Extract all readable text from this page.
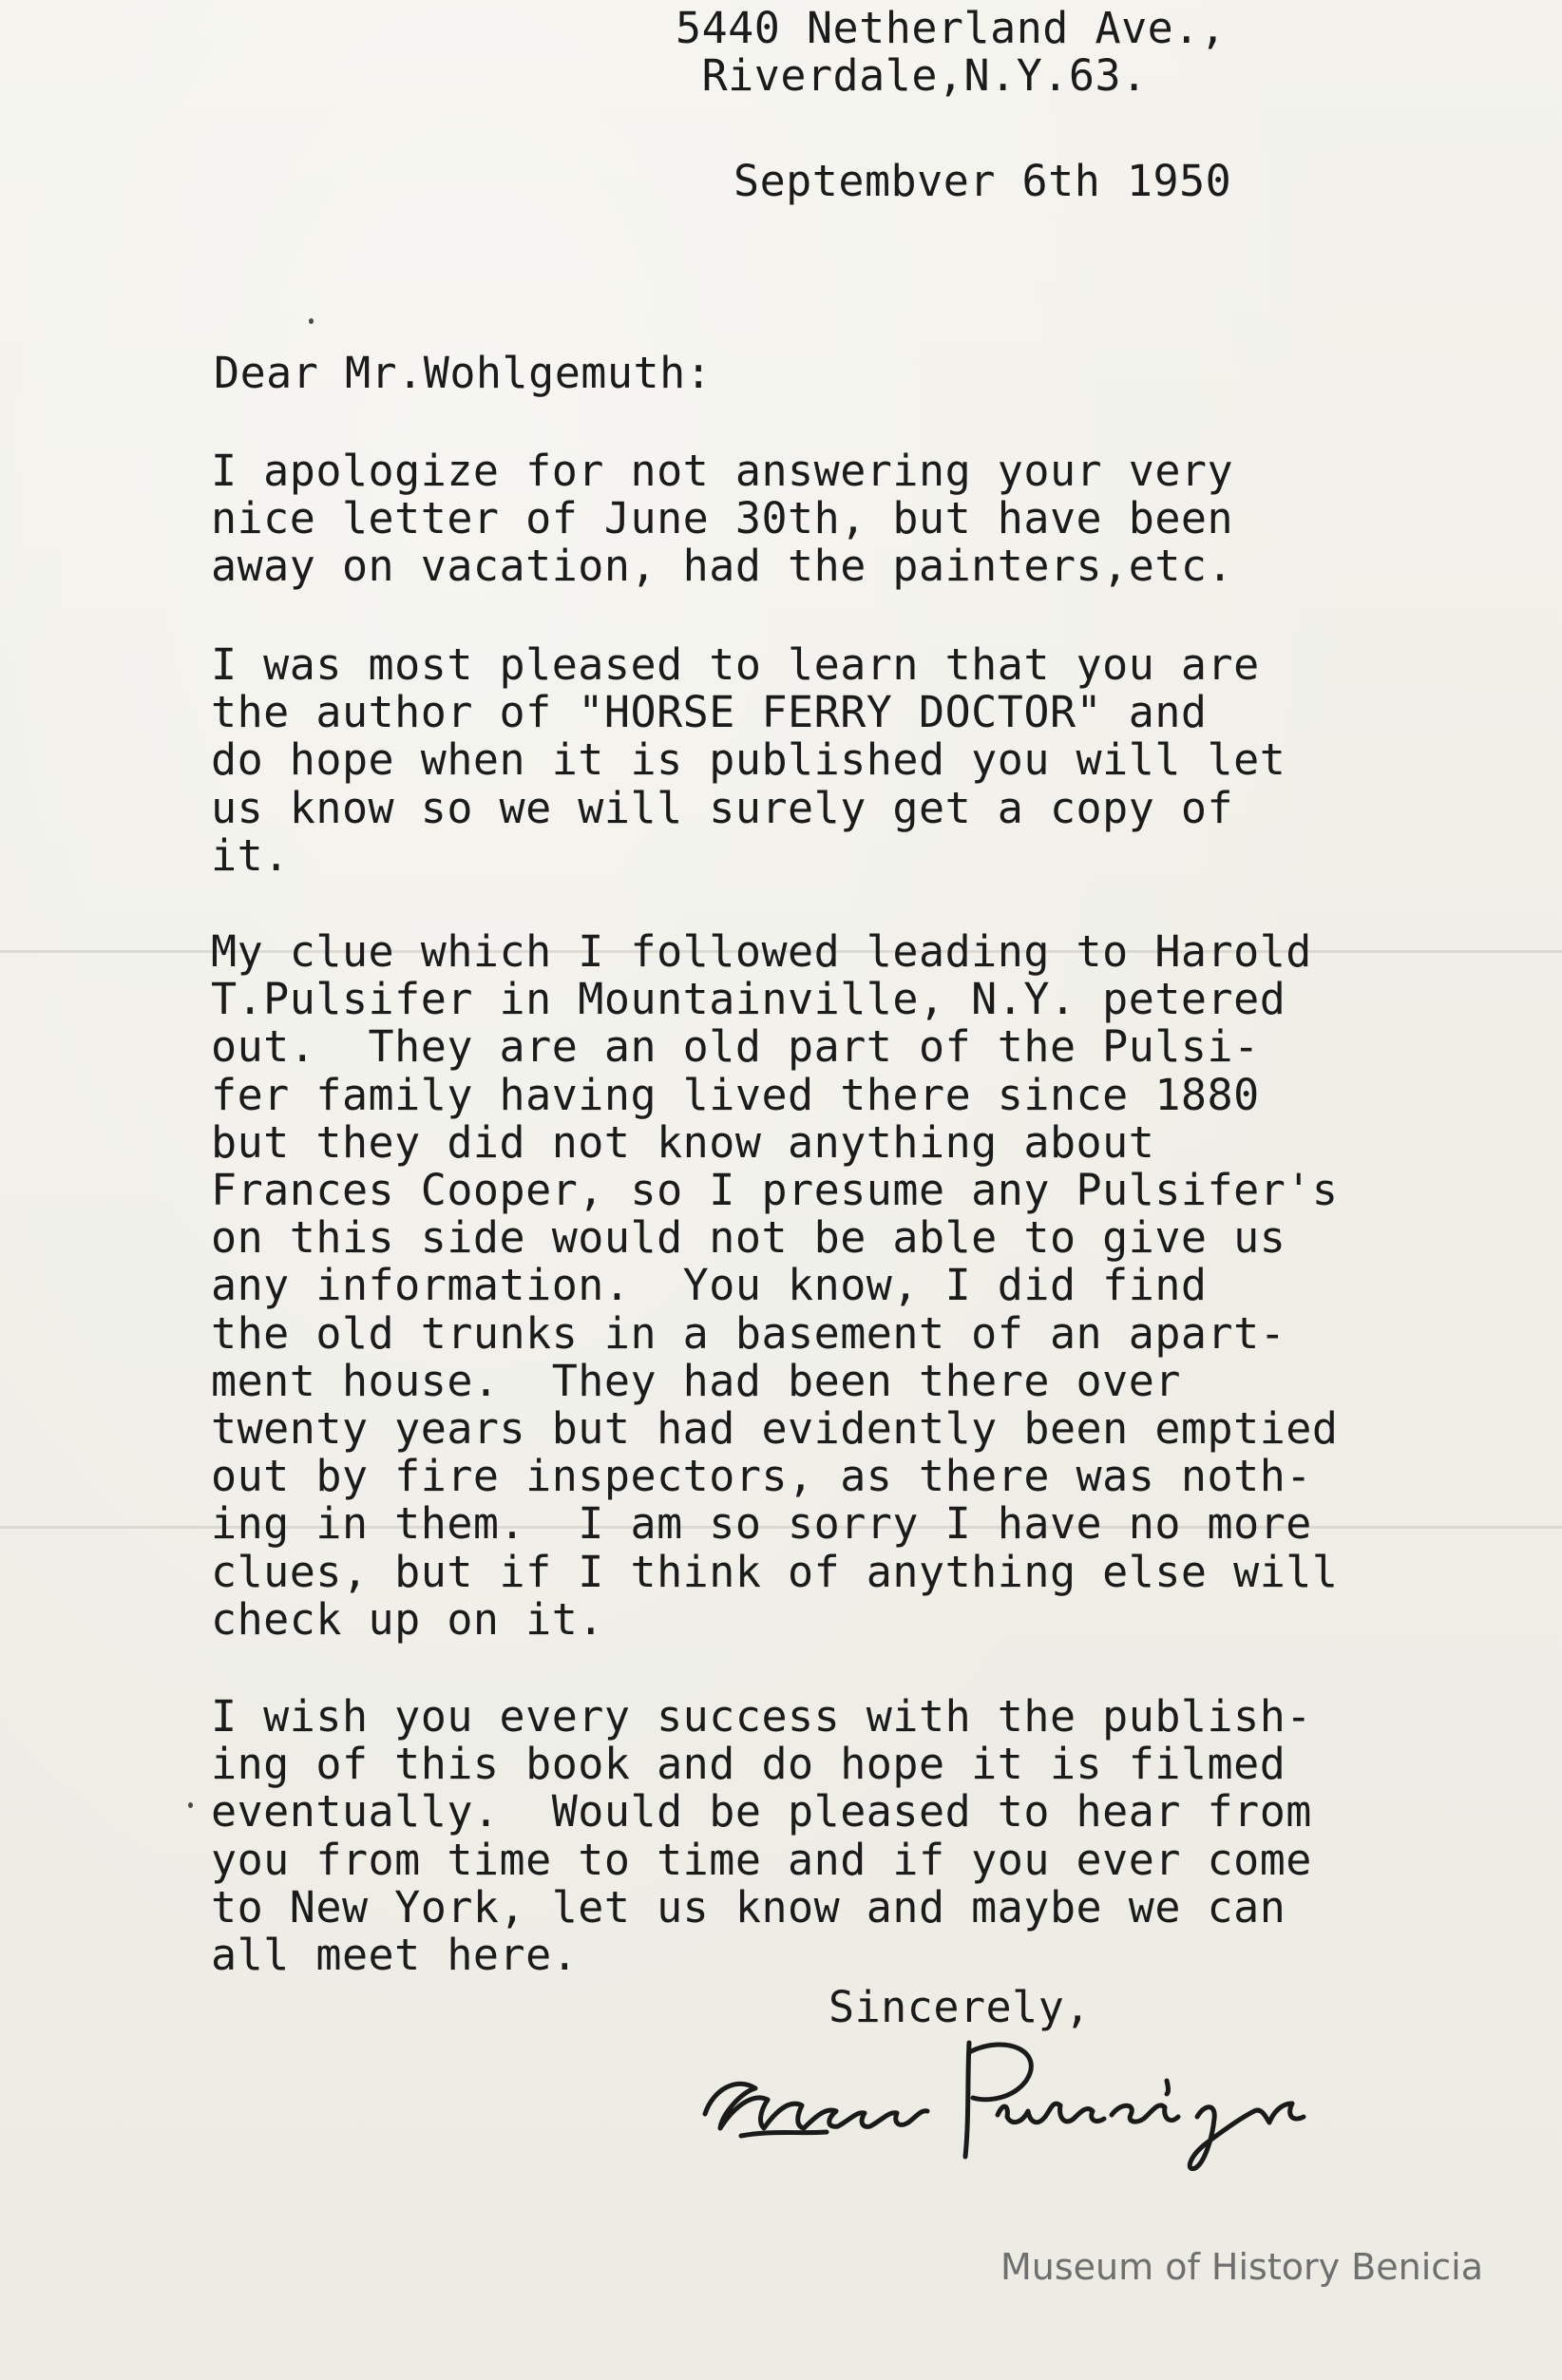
5440 Netherland Ave.,
Riverdale,N.Y.63.
Septembver 6th 1950
Dear Mr.Wohlgemuth:
I apologize for not answering your very
nice letter of June 30th, but have been
away on vacation, had the painters,etc.
I was most pleased to learn that you are
the author of "HORSE FERRY DOCTOR" and
do hope when it is published you will let
us know so we will surely get a copy of
it.
My clue which I followed leading to Harold
T.Pulsifer in Mountainville, N.Y. petered
out.  They are an old part of the Pulsi-
fer family having lived there since 1880
but they did not know anything about
Frances Cooper, so I presume any Pulsifer's
on this side would not be able to give us
any information.  You know, I did find
the old trunks in a basement of an apart-
ment house.  They had been there over
twenty years but had evidently been emptied
out by fire inspectors, as there was noth-
ing in them.  I am so sorry I have no more
clues, but if I think of anything else will
check up on it.
I wish you every success with the publish-
ing of this book and do hope it is filmed
eventually.  Would be pleased to hear from
you from time to time and if you ever come
to New York, let us know and maybe we can
all meet here.
Sincerely,
Museum of History Benicia
